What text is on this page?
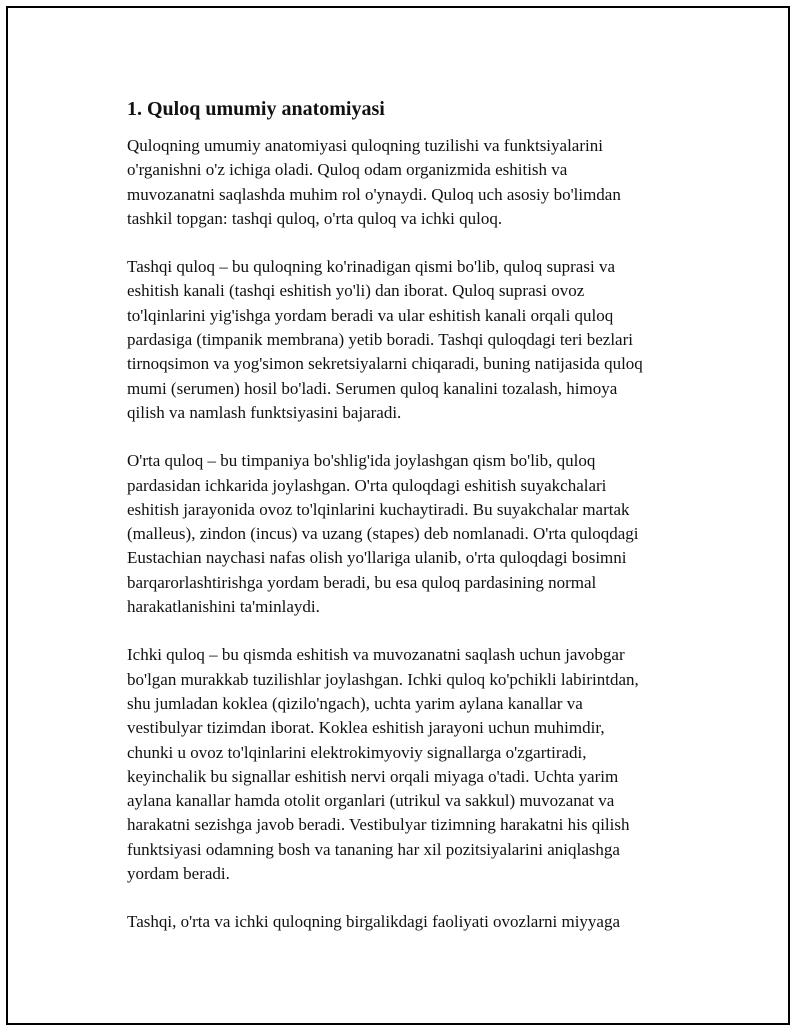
1. Quloq umumiy anatomiyasi
Quloqning umumiy anatomiyasi quloqning tuzilishi va funktsiyalarini
o'rganishni o'z ichiga oladi. Quloq odam organizmida eshitish va
muvozanatni saqlashda muhim rol o'ynaydi. Quloq uch asosiy bo'limdan
tashkil topgan: tashqi quloq, o'rta quloq va ichki quloq.
Tashqi quloq – bu quloqning ko'rinadigan qismi bo'lib, quloq suprasi va
eshitish kanali (tashqi eshitish yo'li) dan iborat. Quloq suprasi ovoz
to'lqinlarini yig'ishga yordam beradi va ular eshitish kanali orqali quloq
pardasiga (timpanik membrana) yetib boradi. Tashqi quloqdagi teri bezlari
tirnoqsimon va yog'simon sekretsiyalarni chiqaradi, buning natijasida quloq
mumi (serumen) hosil bo'ladi. Serumen quloq kanalini tozalash, himoya
qilish va namlash funktsiyasini bajaradi.
O'rta quloq – bu timpaniya bo'shlig'ida joylashgan qism bo'lib, quloq
pardasidan ichkarida joylashgan. O'rta quloqdagi eshitish suyakchalari
eshitish jarayonida ovoz to'lqinlarini kuchaytiradi. Bu suyakchalar martak
(malleus), zindon (incus) va uzang (stapes) deb nomlanadi. O'rta quloqdagi
Eustachian naychasi nafas olish yo'llariga ulanib, o'rta quloqdagi bosimni
barqarorlashtirishga yordam beradi, bu esa quloq pardasining normal
harakatlanishini ta'minlaydi.
Ichki quloq – bu qismda eshitish va muvozanatni saqlash uchun javobgar
bo'lgan murakkab tuzilishlar joylashgan. Ichki quloq ko'pchikli labirintdan,
shu jumladan koklea (qizilo'ngach), uchta yarim aylana kanallar va
vestibulyar tizimdan iborat. Koklea eshitish jarayoni uchun muhimdir,
chunki u ovoz to'lqinlarini elektrokimyoviy signallarga o'zgartiradi,
keyinchalik bu signallar eshitish nervi orqali miyaga o'tadi. Uchta yarim
aylana kanallar hamda otolit organlari (utrikul va sakkul) muvozanat va
harakatni sezishga javob beradi. Vestibulyar tizimning harakatni his qilish
funktsiyasi odamning bosh va tananing har xil pozitsiyalarini aniqlashga
yordam beradi.
Tashqi, o'rta va ichki quloqning birgalikdagi faoliyati ovozlarni miyyaga
